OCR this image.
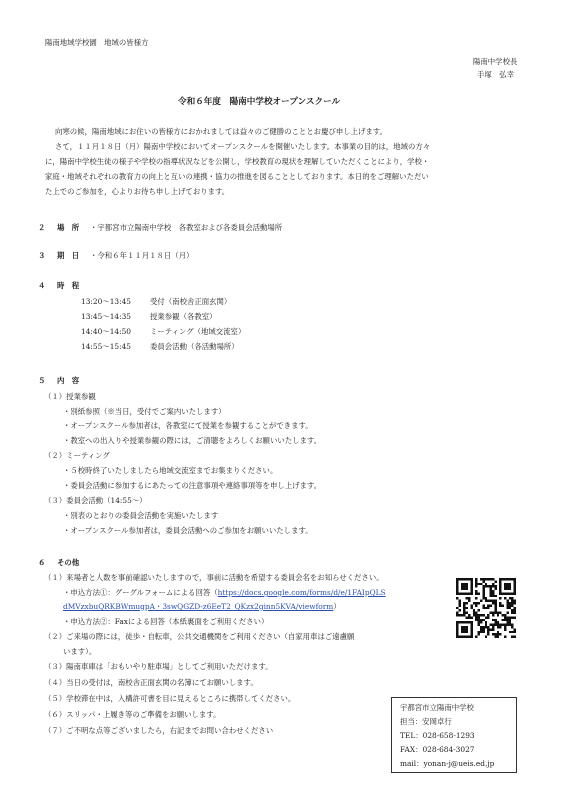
陽南地域学校園　地域の皆様方
陽南中学校長
手塚　弘幸
令和６年度　陽南中学校オープンスクール
向寒の候，陽南地域にお住いの皆様方におかれましては益々のご健勝のこととお慶び申し上げます。
さて，１１月１８日（月）陽南中学校においてオープンスクールを開催いたします。本事業の目的は，地域の方々
に，陽南中学校生徒の様子や学校の指導状況などを公開し，学校教育の現状を理解していただくことにより，学校・
家庭・地域それぞれの教育力の向上と互いの連携・協力の推進を図ることとしております。本日的をご理解いただい
た上でのご参加を，心よりお待ち申し上げております。
２ 場　所 ・宇都宮市立陽南中学校　各教室および各委員会活動場所
３ 期　日 ・令和６年１１月１８日（月）
４ 時　程
13:20～13:45	受付（南校舎正面玄関）
13:45～14:35	授業参観（各教室）
14:40～14:50	ミーティング（地域交流室）
14:55～15:45	委員会活動（各活動場所）
５ 内　容
（１）授業参観
・別紙参照（※当日，受付でご案内いたします）
・オープンスクール参加者は，各教室にて授業を参観することができます。
・教室への出入りや授業参観の際には，ご清聴をよろしくお願いいたします。
（２）ミーティング
・５校時終了いたしましたら地域交流室までお集まりください。
・委員会活動に参加するにあたっての注意事項や連絡事項等を申し上げます。
（３）委員会活動（14:55～）
・別表のとおりの委員会活動を実施いたします
・オープンスクール参加者は，委員会活動へのご参加をお願いいたします。
６ その他
（１）来場者と人数を事前確認いたしますので，事前に活動を希望する委員会名をお知らせください。
・申込方法①：グーグルフォームによる回答（https://docs.google.com/forms/d/e/1FAIpQLS
dMVzxbuQRKBWmugpA・3swQGZD-z6EeT2_QKzx2ginn5KVA/viewform）
・申込方法②：Faxによる回答（本紙裏面をご利用ください）
（２）ご来場の際には，徒歩・自転車，公共交通機関をご利用ください（自家用車はご遠慮願
います）。
（３）陽南車庫は「おもいやり駐車場」としてご利用いただけます。
（４）当日の受付は，南校舎正面玄関の名簿にてお願いします。
（５）学校滞在中は，入構許可書を目に見えるところに携帯してください。
（６）スリッパ・上履き等のご準備をお願いします。
（７）ご不明な点等ございましたら，右記までお問い合わせください
宇都宮市立陽南中学校
担当：安岡卓行
TEL：028-658-1293
FAX：028-684-3027
mail：yonan-j@ueis.ed.jp
